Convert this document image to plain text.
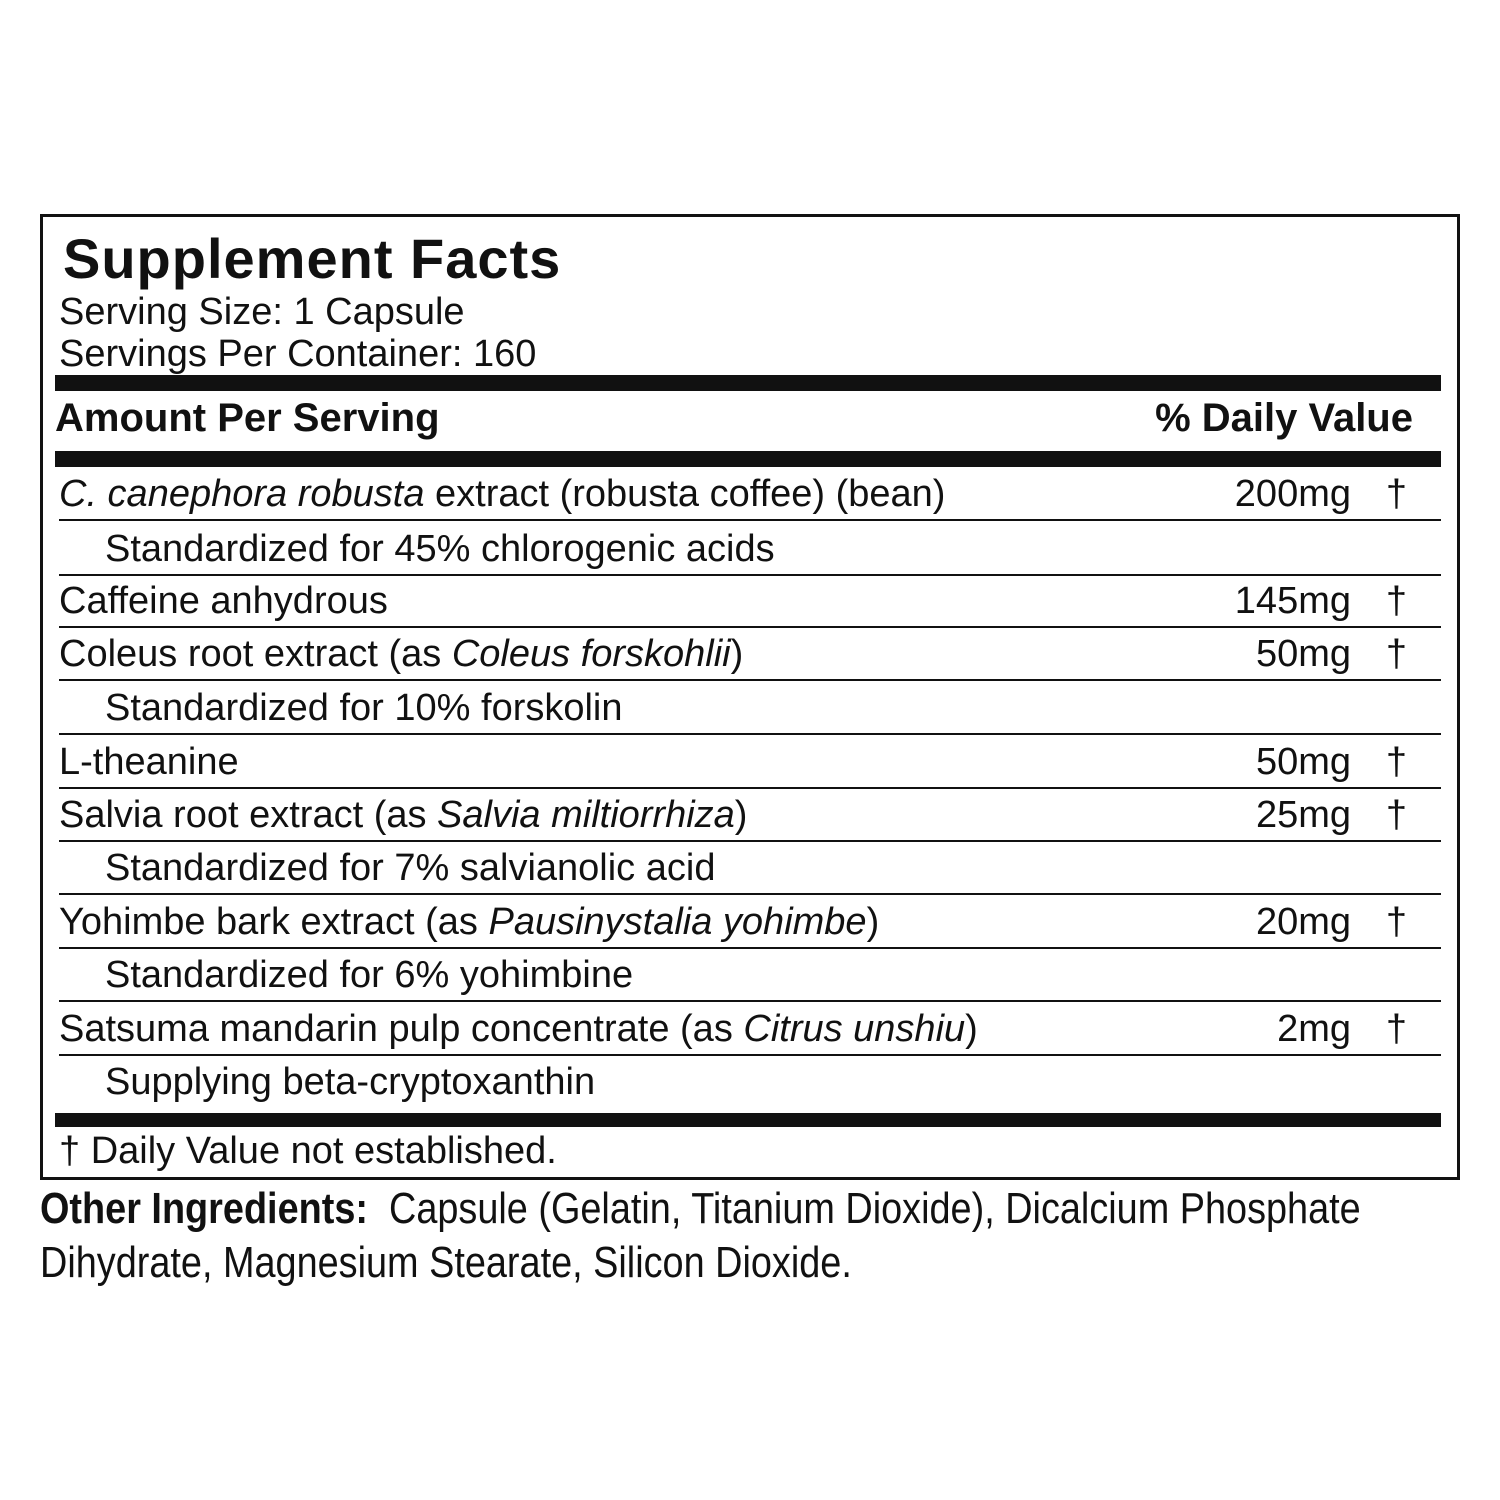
Supplement Facts
Serving Size: 1 Capsule
Servings Per Container: 160
Amount Per Serving	% Daily Value
C. canephora robusta extract (robusta coffee) (bean)	200mg †
Standardized for 45% chlorogenic acids
Caffeine anhydrous	145mg †
Coleus root extract (as Coleus forskohlii)	50mg †
Standardized for 10% forskolin
L-theanine	50mg †
Salvia root extract (as Salvia miltiorrhiza)	25mg †
Standardized for 7% salvianolic acid
Yohimbe bark extract (as Pausinystalia yohimbe)	20mg †
Standardized for 6% yohimbine
Satsuma mandarin pulp concentrate (as Citrus unshiu)	2mg †
Supplying beta-cryptoxanthin
† Daily Value not established.
Other Ingredients: Capsule (Gelatin, Titanium Dioxide), Dicalcium Phosphate Dihydrate, Magnesium Stearate, Silicon Dioxide.
